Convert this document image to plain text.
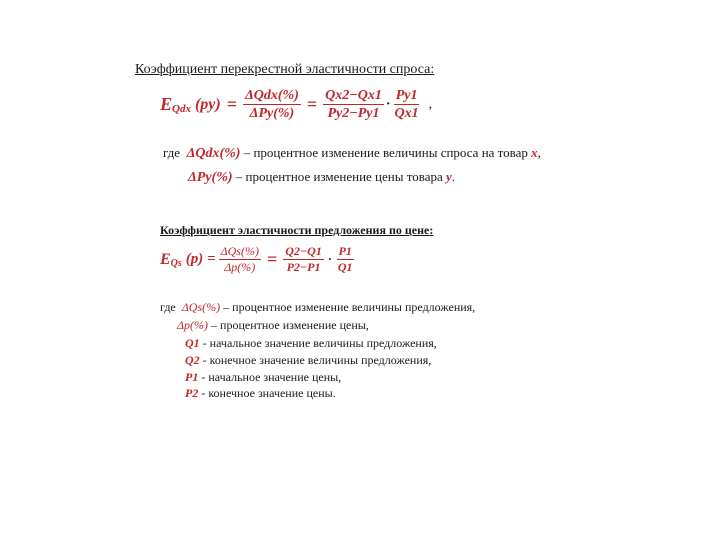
Коэффициент перекрестной эластичности спроса:
E Qdx $(py) = \frac{\text{ΔQdx(\%)}}{\text{ΔPy(\%)}} = \frac{Qx2-Qx1}{Py2-Py1} \cdot \frac{Py1}{Qx1}$ ,
где ΔQdx(%) – процентное изменение величины спроса на товар x,
ΔPy(%) – процентное изменение цены товара y.
Коэффициент эластичности предложения по цене:
E Qs $(p) = \frac{\text{ΔQs(\%)}}{\Delta p(\%)} = \frac{Q2-Q1}{P2-P1} \cdot \frac{P1}{Q1}$
где ΔQs(%) – процентное изменение величины предложения,
Δp(%) – процентное изменение цены,
Q1 - начальное значение величины предложения,
Q2 - конечное значение величины предложения,
P1 - начальное значение цены,
P2 - конечное значение цены.
